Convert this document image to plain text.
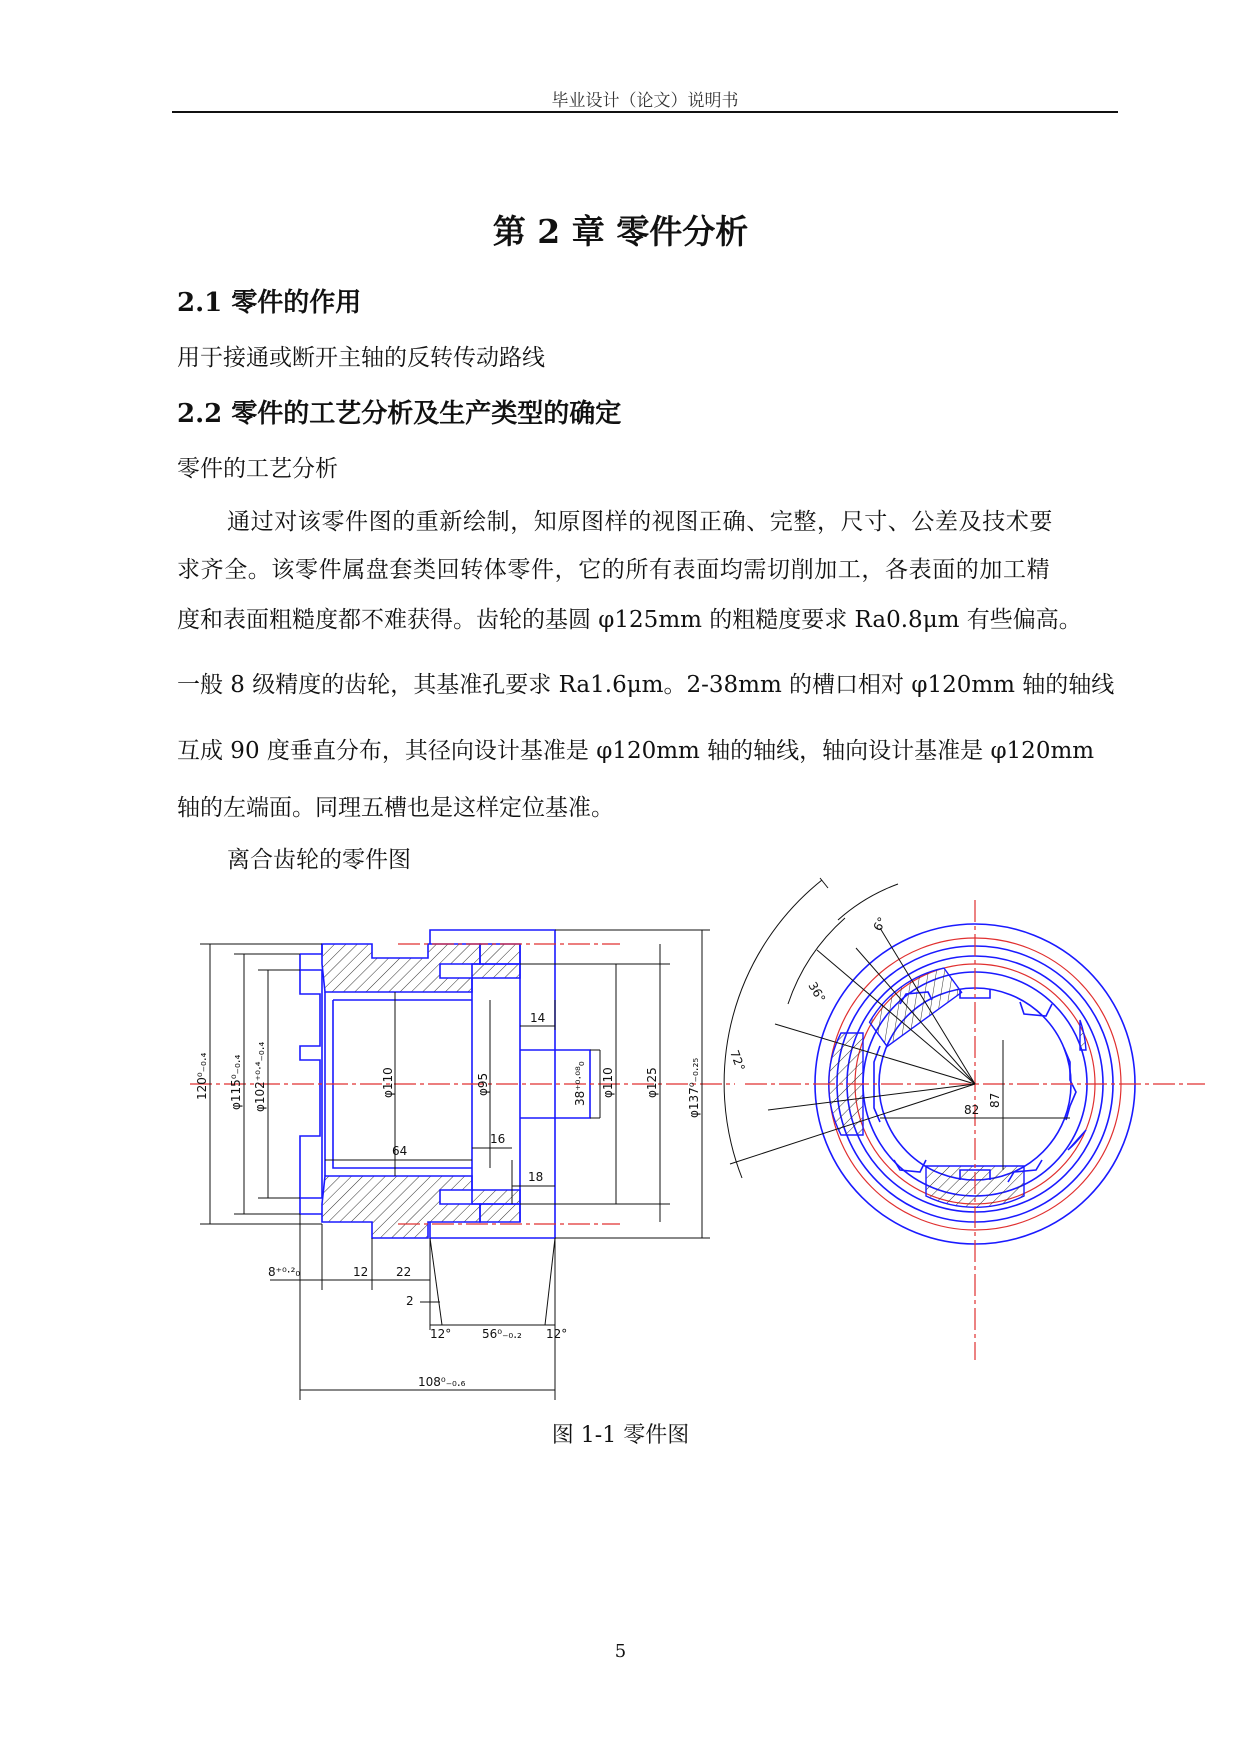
毕业设计（论文）说明书
第 2 章 零件分析
2.1 零件的作用
用于接通或断开主轴的反转传动路线
2.2 零件的工艺分析及生产类型的确定
零件的工艺分析
通过对该零件图的重新绘制，知原图样的视图正确、完整，尺寸、公差及技术要
求齐全。该零件属盘套类回转体零件，它的所有表面均需切削加工，各表面的加工精
度和表面粗糙度都不难获得。齿轮的基圆 φ125mm 的粗糙度要求 Ra0.8μm 有些偏高。
一般 8 级精度的齿轮，其基准孔要求 Ra1.6μm。2-38mm 的槽口相对 φ120mm 轴的轴线
互成 90 度垂直分布，其径向设计基准是 φ120mm 轴的轴线，轴向设计基准是 φ120mm
轴的左端面。同理五槽也是这样定位基准。
离合齿轮的零件图
120⁰₋₀.₄ φ115⁰₋₀.₄ φ102⁺⁰·⁴₋₀.₄	φ110	φ95	38⁺⁰·⁰⁸₀ φ110	φ125 φ137⁰₋₀.₂₅
64
16
14
18
8⁺⁰·²₀	12 22
2
12°	56⁰₋₀.₂ 12°
108⁰₋₀.₆
6°
36°
72°
82
87
图 1-1 零件图
5
